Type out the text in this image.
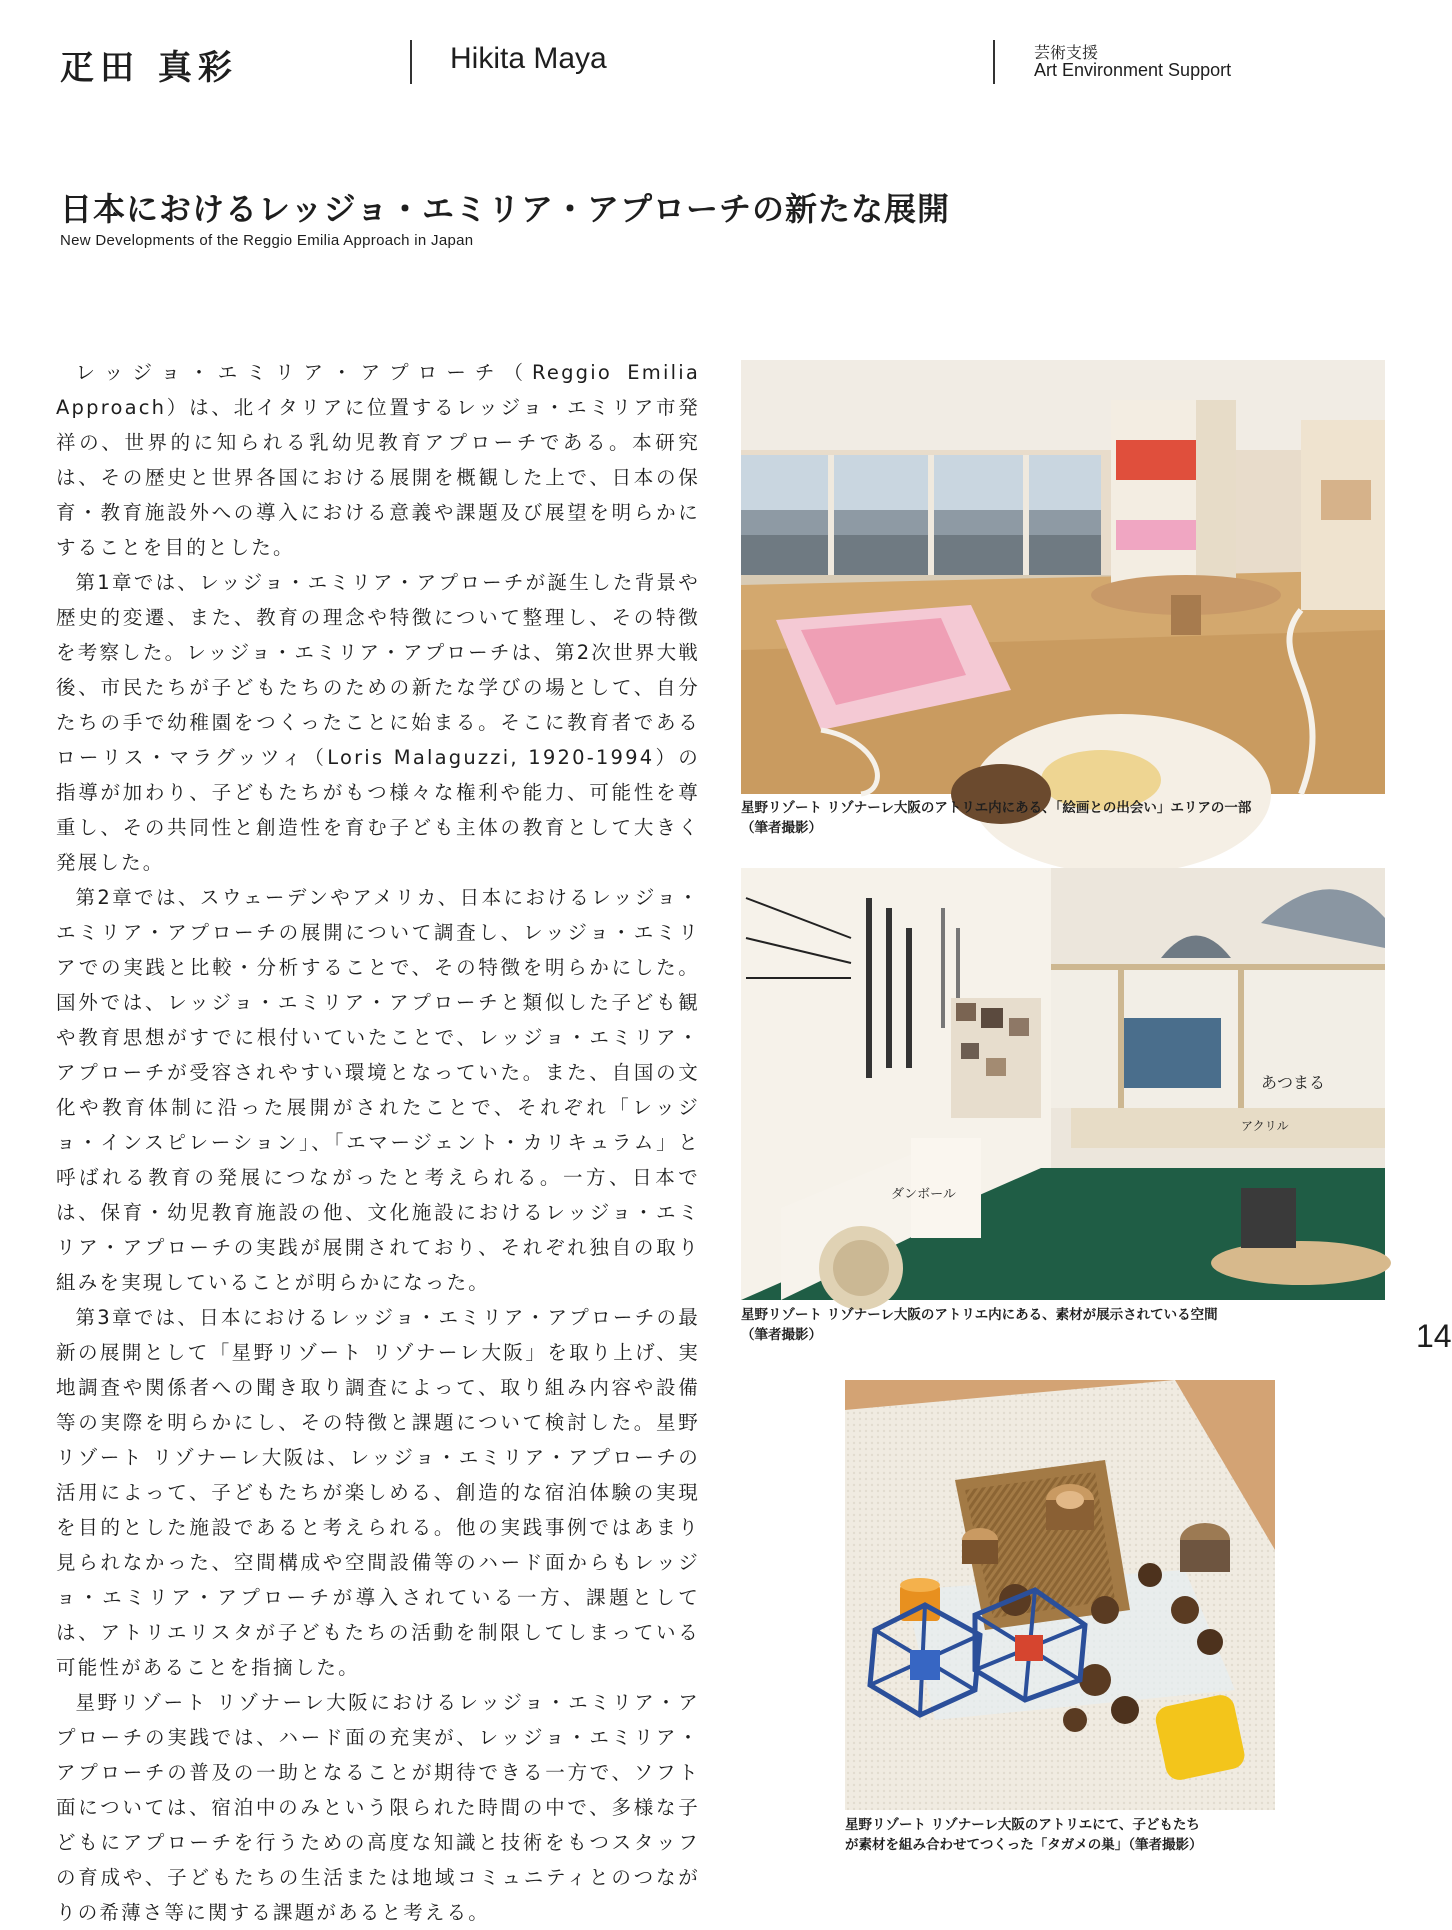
疋田 真彩	Hikita Maya	芸術支援
Art Environment Support
日本におけるレッジョ・エミリア・アプローチの新たな展開
New Developments of the Reggio Emilia Approach in Japan

レッジョ・エミリア・アプローチ（Reggio Emilia Approach）は、北イタリアに位置するレッジョ・エミリア市発祥の、世界的に知られる乳幼児教育アプローチである。本研究は、その歴史と世界各国における展開を概観した上で、日本の保育・教育施設外への導入における意義や課題及び展望を明らかにすることを目的とした。

第1章では、レッジョ・エミリア・アプローチが誕生した背景や歴史的変遷、また、教育の理念や特徴について整理し、その特徴を考察した。レッジョ・エミリア・アプローチは、第2次世界大戦後、市民たちが子どもたちのための新たな学びの場として、自分たちの手で幼稚園をつくったことに始まる。そこに教育者であるローリス・マラグッツィ（Loris Malaguzzi, 1920-1994）の指導が加わり、子どもたちがもつ様々な権利や能力、可能性を尊重し、その共同性と創造性を育む子ども主体の教育として大きく発展した。

第2章では、スウェーデンやアメリカ、日本におけるレッジョ・エミリア・アプローチの展開について調査し、レッジョ・エミリアでの実践と比較・分析することで、その特徴を明らかにした。国外では、レッジョ・エミリア・アプローチと類似した子ども観や教育思想がすでに根付いていたことで、レッジョ・エミリア・アプローチが受容されやすい環境となっていた。また、自国の文化や教育体制に沿った展開がされたことで、それぞれ「レッジョ・インスピレーション」、「エマージェント・カリキュラム」と呼ばれる教育の発展につながったと考えられる。一方、日本では、保育・幼児教育施設の他、文化施設におけるレッジョ・エミリア・アプローチの実践が展開されており、それぞれ独自の取り組みを実現していることが明らかになった。

第3章では、日本におけるレッジョ・エミリア・アプローチの最新の展開として「星野リゾート リゾナーレ大阪」を取り上げ、実地調査や関係者への聞き取り調査によって、取り組み内容や設備等の実際を明らかにし、その特徴と課題について検討した。星野リゾート リゾナーレ大阪は、レッジョ・エミリア・アプローチの活用によって、子どもたちが楽しめる、創造的な宿泊体験の実現を目的とした施設であると考えられる。他の実践事例ではあまり見られなかった、空間構成や空間設備等のハード面からもレッジョ・エミリア・アプローチが導入されている一方、課題としては、アトリエリスタが子どもたちの活動を制限してしまっている可能性があることを指摘した。

星野リゾート リゾナーレ大阪におけるレッジョ・エミリア・アプローチの実践では、ハード面の充実が、レッジョ・エミリア・アプローチの普及の一助となることが期待できる一方で、ソフト面については、宿泊中のみという限られた時間の中で、多様な子どもにアプローチを行うための高度な知識と技術をもつスタッフの育成や、子どもたちの生活または地域コミュニティとのつながりの希薄さ等に関する課題があると考える。

星野リゾート リゾナーレ大阪のアトリエ内にある、「絵画との出会い」エリアの一部
（筆者撮影）
あつまる
アクリル
ダンボール
星野リゾート リゾナーレ大阪のアトリエ内にある、素材が展示されている空間
（筆者撮影）	14
星野リゾート リゾナーレ大阪のアトリエにて、子どもたち
が素材を組み合わせてつくった「タガメの巣」（筆者撮影）
